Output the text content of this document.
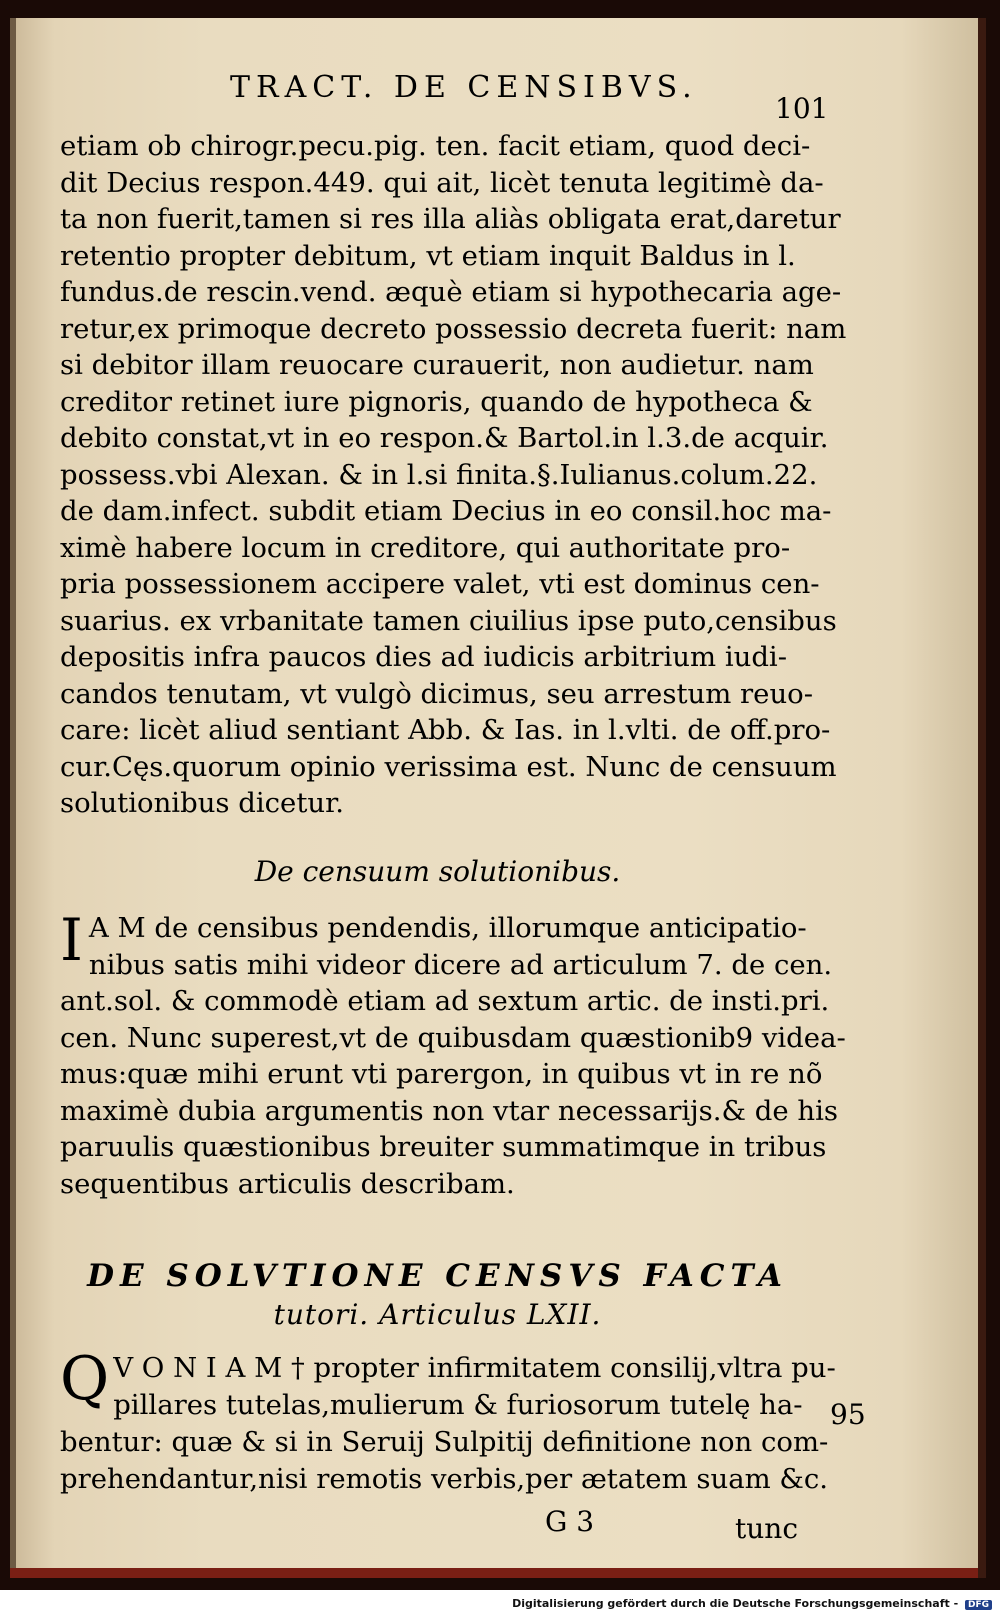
TRACT. DE CENSIBVS.
101
etiam ob chirogr.pecu.pig. ten. facit etiam, quod deci-
dit Decius respon.449. qui ait, licèt tenuta legitimè da-
ta non fuerit,tamen si res illa aliàs obligata erat,daretur
retentio propter debitum, vt etiam inquit Baldus in l.
fundus.de rescin.vend. æquè etiam si hypothecaria age-
retur,ex primoque decreto possessio decreta fuerit: nam
si debitor illam reuocare curauerit, non audietur. nam
creditor retinet iure pignoris, quando de hypotheca &
debito constat,vt in eo respon.& Bartol.in l.3.de acquir.
possess.vbi Alexan. & in l.si finita.§.Iulianus.colum.22.
de dam.infect. subdit etiam Decius in eo consil.hoc ma-
ximè habere locum in creditore, qui authoritate pro-
pria possessionem accipere valet, vti est dominus cen-
suarius. ex vrbanitate tamen ciuilius ipse puto,censibus
depositis infra paucos dies ad iudicis arbitrium iudi-
candos tenutam, vt vulgò dicimus, seu arrestum reuo-
care: licèt aliud sentiant Abb. & Ias. in l.vlti. de off.pro-
cur.Cęs.quorum opinio verissima est. Nunc de censuum
solutionibus dicetur.
De censuum solutionibus.
I A M de censibus pendendis, illorumque anticipatio-
nibus satis mihi videor dicere ad articulum 7. de cen.
ant.sol. & commodè etiam ad sextum artic. de insti.pri.
cen. Nunc superest,vt de quibusdam quæstionib9 videa-
mus:quæ mihi erunt vti parergon, in quibus vt in re nõ
maximè dubia argumentis non vtar necessarijs.& de his
paruulis quæstionibus breuiter summatimque in tribus
sequentibus articulis describam.
DE SOLVTIONE CENSVS FACTA
tutori. Articulus LXII.
Q V O N I A M † propter infirmitatem consilij,vltra pu-
pillares tutelas,mulierum & furiosorum tutelę ha-
bentur: quæ & si in Seruij Sulpitij definitione non com-
prehendantur,nisi remotis verbis,per ætatem suam &c.
95
G 3	tunc
Digitalisierung gefördert durch die Deutsche Forschungsgemeinschaft - DFG
